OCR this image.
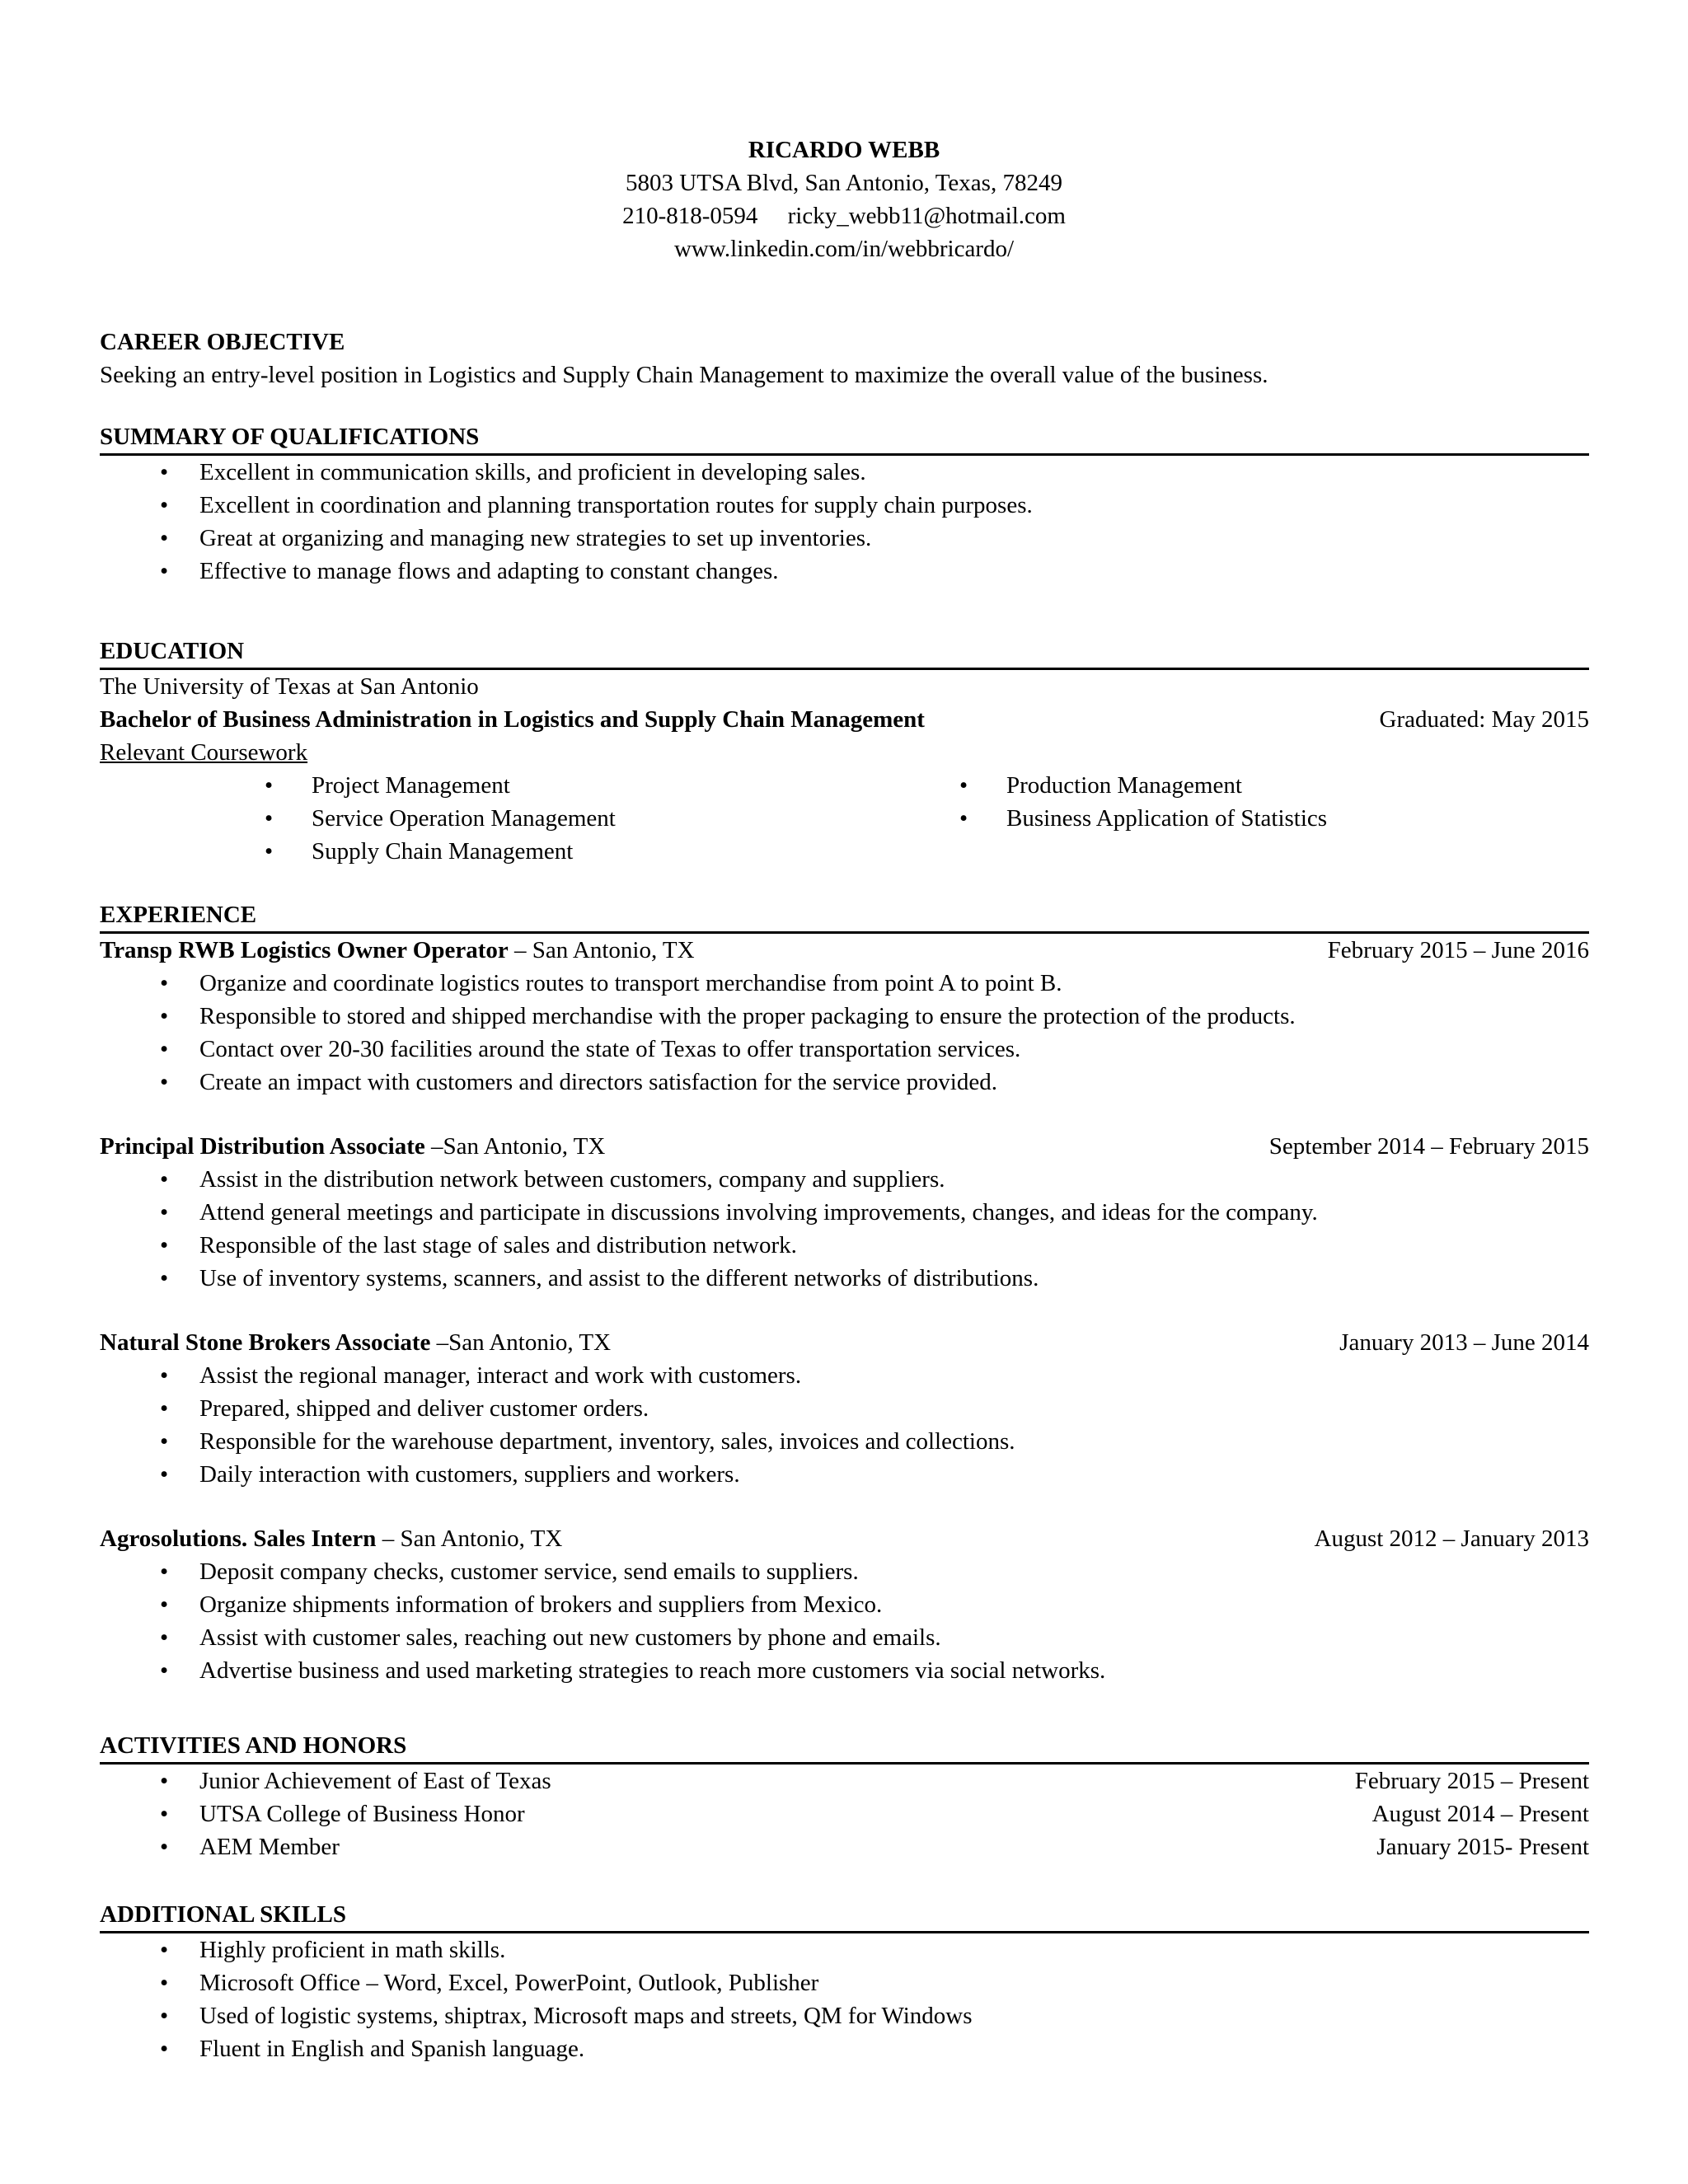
RICARDO WEBB
5803 UTSA Blvd, San Antonio, Texas, 78249
210-818-0594     ricky_webb11@hotmail.com
www.linkedin.com/in/webbricardo/
CAREER OBJECTIVE
Seeking an entry-level position in Logistics and Supply Chain Management to maximize the overall value of the business.
SUMMARY OF QUALIFICATIONS
• Excellent in communication skills, and proficient in developing sales.
• Excellent in coordination and planning transportation routes for supply chain purposes.
• Great at organizing and managing new strategies to set up inventories.
• Effective to manage flows and adapting to constant changes.
EDUCATION
The University of Texas at San Antonio
Bachelor of Business Administration in Logistics and Supply Chain Management	Graduated: May 2015
Relevant Coursework
• Project Management
• Service Operation Management
• Supply Chain Management
• Production Management
• Business Application of Statistics
EXPERIENCE
Transp RWB Logistics Owner Operator – San Antonio, TX	February 2015 – June 2016
• Organize and coordinate logistics routes to transport merchandise from point A to point B.
• Responsible to stored and shipped merchandise with the proper packaging to ensure the protection of the products.
• Contact over 20-30 facilities around the state of Texas to offer transportation services.
• Create an impact with customers and directors satisfaction for the service provided.
Principal Distribution Associate –San Antonio, TX	September 2014 – February 2015
• Assist in the distribution network between customers, company and suppliers.
• Attend general meetings and participate in discussions involving improvements, changes, and ideas for the company.
• Responsible of the last stage of sales and distribution network.
• Use of inventory systems, scanners, and assist to the different networks of distributions.
Natural Stone Brokers Associate –San Antonio, TX	January 2013 – June 2014
• Assist the regional manager, interact and work with customers.
• Prepared, shipped and deliver customer orders.
• Responsible for the warehouse department, inventory, sales, invoices and collections.
• Daily interaction with customers, suppliers and workers.
Agrosolutions. Sales Intern – San Antonio, TX	August 2012 – January 2013
• Deposit company checks, customer service, send emails to suppliers.
• Organize shipments information of brokers and suppliers from Mexico.
• Assist with customer sales, reaching out new customers by phone and emails.
• Advertise business and used marketing strategies to reach more customers via social networks.
ACTIVITIES AND HONORS
• Junior Achievement of East of Texas	February 2015 – Present
• UTSA College of Business Honor	August 2014 – Present
• AEM Member	January 2015- Present
ADDITIONAL SKILLS
• Highly proficient in math skills.
• Microsoft Office – Word, Excel, PowerPoint, Outlook, Publisher
• Used of logistic systems, shiptrax, Microsoft maps and streets, QM for Windows
• Fluent in English and Spanish language.
